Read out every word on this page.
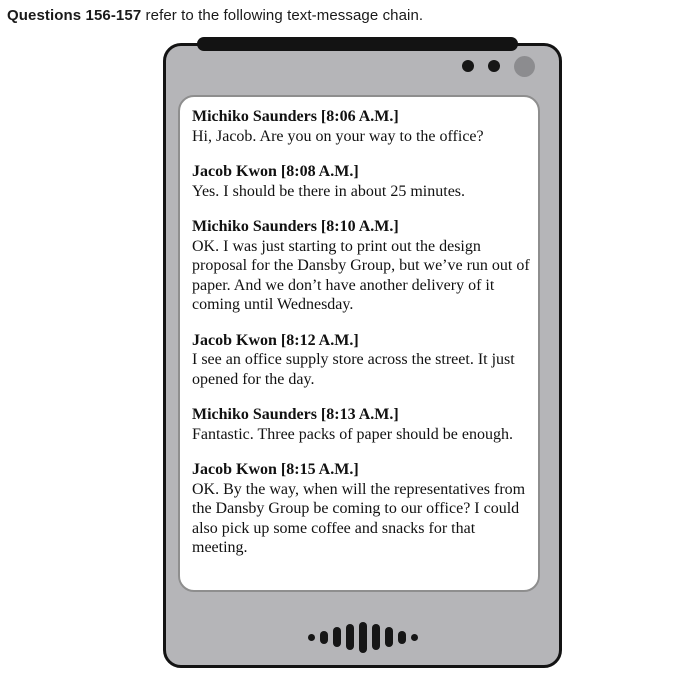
Questions 156-157 refer to the following text-message chain.
Michiko Saunders [8:06 A.M.]
Hi, Jacob. Are you on your way to the office?
Jacob Kwon [8:08 A.M.]
Yes. I should be there in about 25 minutes.
Michiko Saunders [8:10 A.M.]
OK. I was just starting to print out the design proposal for the Dansby Group, but we’ve run out of paper. And we don’t have another delivery of it coming until Wednesday.
Jacob Kwon [8:12 A.M.]
I see an office supply store across the street. It just opened for the day.
Michiko Saunders [8:13 A.M.]
Fantastic. Three packs of paper should be enough.
Jacob Kwon [8:15 A.M.]
OK. By the way, when will the representatives from the Dansby Group be coming to our office? I could also pick up some coffee and snacks for that meeting.
